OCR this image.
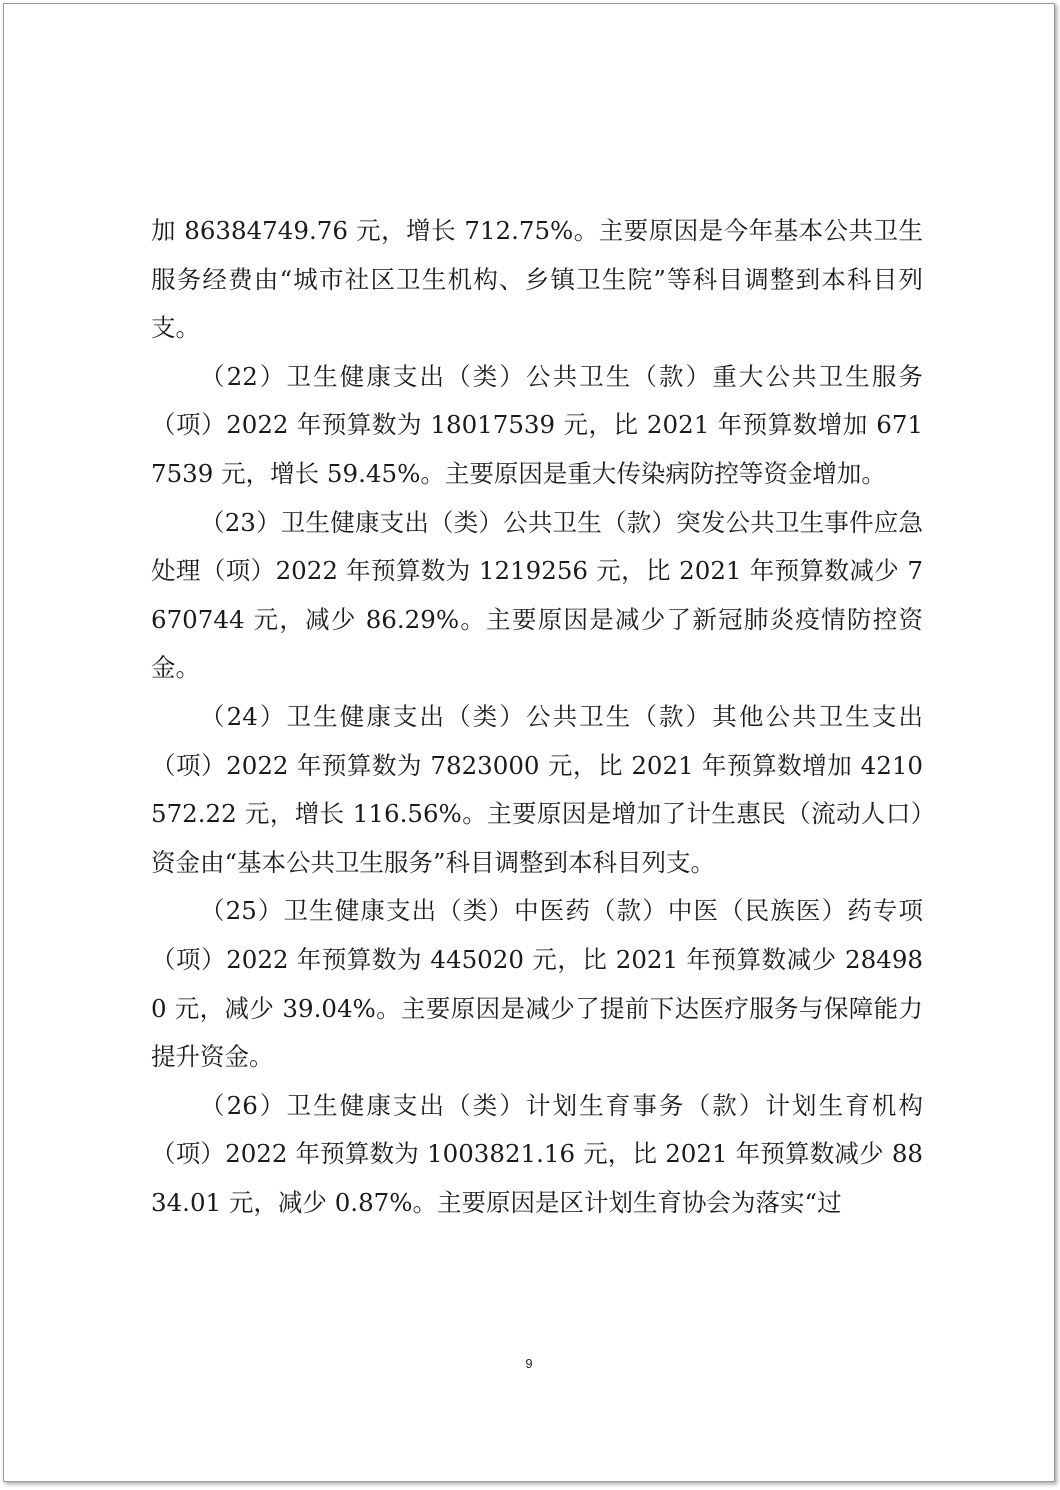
加 86384749.76 元，增长 712.75%。主要原因是今年基本公共卫生服务经费由“城市社区卫生机构、乡镇卫生院”等科目调整到本科目列支。

（22）卫生健康支出（类）公共卫生（款）重大公共卫生服务（项）2022 年预算数为 18017539 元，比 2021 年预算数增加 6717539 元，增长 59.45%。主要原因是重大传染病防控等资金增加。

（23）卫生健康支出（类）公共卫生（款）突发公共卫生事件应急处理（项）2022 年预算数为 1219256 元，比 2021 年预算数减少 7670744 元，减少 86.29%。主要原因是减少了新冠肺炎疫情防控资金。

（24）卫生健康支出（类）公共卫生（款）其他公共卫生支出（项）2022 年预算数为 7823000 元，比 2021 年预算数增加 4210572.22 元，增长 116.56%。主要原因是增加了计生惠民（流动人口）资金由“基本公共卫生服务”科目调整到本科目列支。

（25）卫生健康支出（类）中医药（款）中医（民族医）药专项（项）2022 年预算数为 445020 元，比 2021 年预算数减少 284980 元，减少 39.04%。主要原因是减少了提前下达医疗服务与保障能力提升资金。

（26）卫生健康支出（类）计划生育事务（款）计划生育机构（项）2022 年预算数为 1003821.16 元，比 2021 年预算数减少 8834.01 元，减少 0.87%。主要原因是区计划生育协会为落实“过

9
